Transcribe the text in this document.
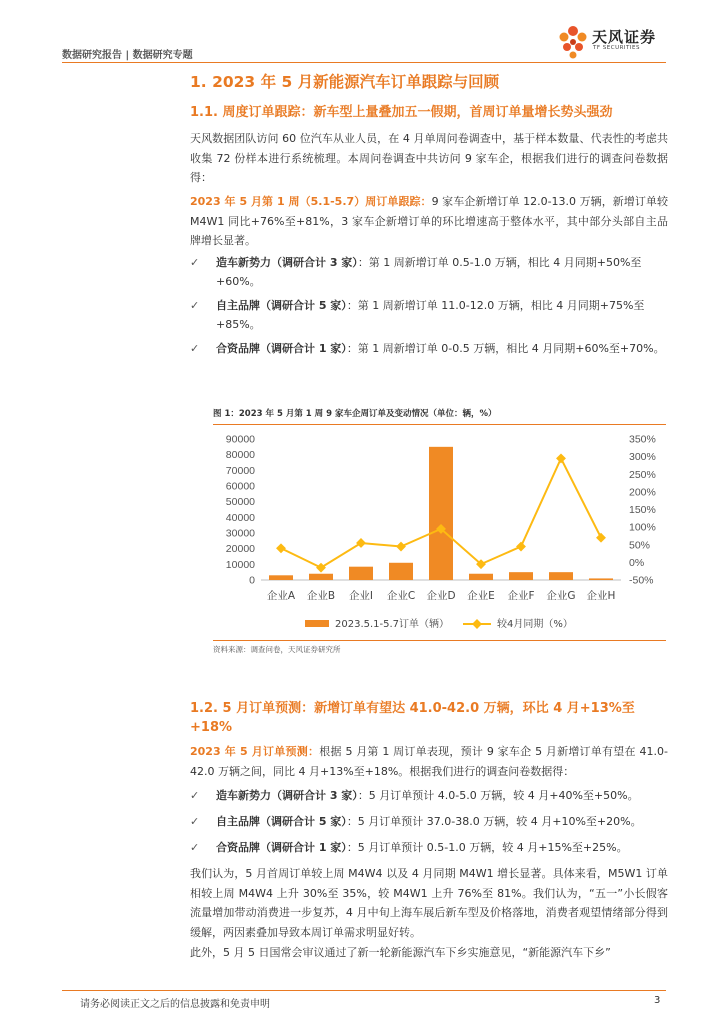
数据研究报告 | 数据研究专题
天风证券
TF SECURITIES
1. 2023 年 5 月新能源汽车订单跟踪与回顾
1.1. 周度订单跟踪：新车型上量叠加五一假期，首周订单量增长势头强劲
天风数据团队访问 60 位汽车从业人员，在 4 月单周问卷调查中，基于样本数量、代表性的考虑共收集 72 份样本进行系统梳理。本周问卷调查中共访问 9 家车企，根据我们进行的调查问卷数据得：
2023 年 5 月第 1 周（5.1-5.7）周订单跟踪：9 家车企新增订单 12.0-13.0 万辆，新增订单较 M4W1 同比+76%至+81%，3 家车企新增订单的环比增速高于整体水平，其中部分头部自主品牌增长显著。
✓	造车新势力（调研合计 3 家）：第 1 周新增订单 0.5-1.0 万辆，相比 4 月同期+50%至+60%。
✓	自主品牌（调研合计 5 家）：第 1 周新增订单 11.0-12.0 万辆，相比 4 月同期+75%至+85%。
✓	合资品牌（调研合计 1 家）：第 1 周新增订单 0-0.5 万辆，相比 4 月同期+60%至+70%。
图 1：2023 年 5 月第 1 周 9 家车企周订单及变动情况（单位：辆，%）
0
10000
20000
30000
40000
50000
60000
70000
80000
90000
-50%
0%
50%
100%
150%
200%
250%
300%
350%
企业A 企业B 企业I 企业C 企业D 企业E 企业F 企业G 企业H
2023.5.1-5.7订单（辆）	较4月同期（%）
资料来源：调查问卷，天风证券研究所
1.2. 5 月订单预测：新增订单有望达 41.0-42.0 万辆，环比 4 月+13%至
+18%
2023 年 5 月订单预测：根据 5 月第 1 周订单表现，预计 9 家车企 5 月新增订单有望在 41.0-42.0 万辆之间，同比 4 月+13%至+18%。根据我们进行的调查问卷数据得：
✓	造车新势力（调研合计 3 家）：5 月订单预计 4.0-5.0 万辆，较 4 月+40%至+50%。
✓	自主品牌（调研合计 5 家）：5 月订单预计 37.0-38.0 万辆，较 4 月+10%至+20%。
✓	合资品牌（调研合计 1 家）：5 月订单预计 0.5-1.0 万辆，较 4 月+15%至+25%。
我们认为，5 月首周订单较上周 M4W4 以及 4 月同期 M4W1 增长显著。具体来看，M5W1 订单相较上周 M4W4 上升 30%至 35%，较 M4W1 上升 76%至 81%。我们认为，“五一”小长假客流量增加带动消费进一步复苏，4 月中旬上海车展后新车型及价格落地，消费者观望情绪部分得到缓解，两因素叠加导致本周订单需求明显好转。
此外，5 月 5 日国常会审议通过了新一轮新能源汽车下乡实施意见，“新能源汽车下乡”
请务必阅读正文之后的信息披露和免责申明	3
